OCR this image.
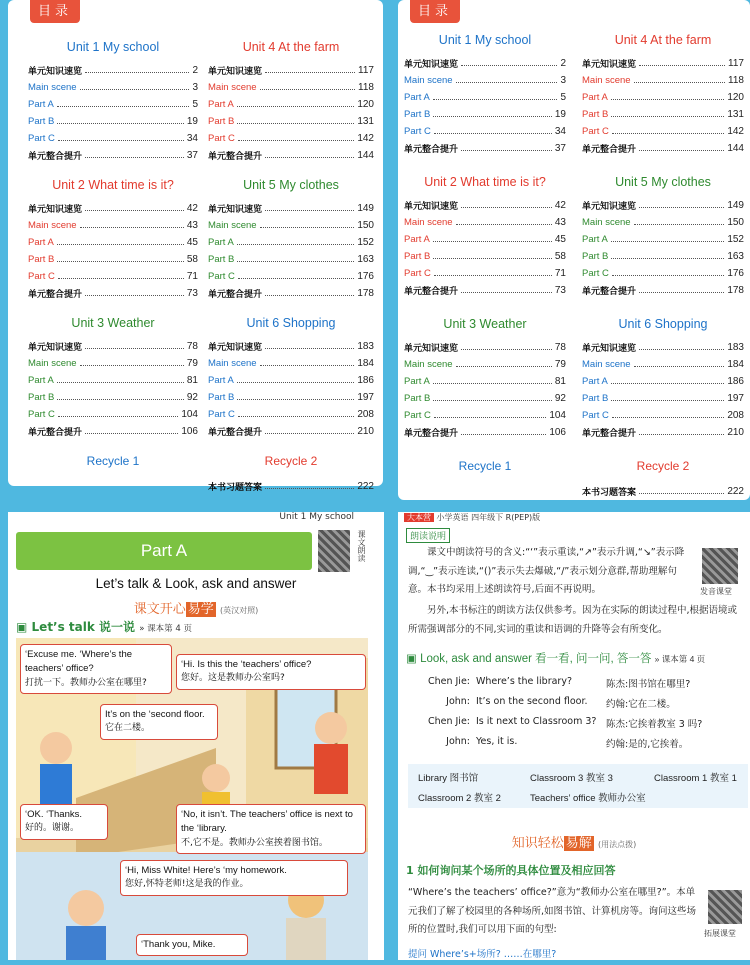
目录
Unit 1 My school
单元知识速览	2
Main scene	3
Part A	5
Part B	19
Part C	34
单元整合提升	37
Unit 2 What time is it?
单元知识速览	42
Main scene	43
Part A	45
Part B	58
Part C	71
单元整合提升	73
Unit 3 Weather
单元知识速览	78
Main scene	79
Part A	81
Part B	92
Part C	104
单元整合提升	106
Recycle 1
Unit 4 At the farm
单元知识速览	117
Main scene	118
Part A	120
Part B	131
Part C	142
单元整合提升	144
Unit 5 My clothes
单元知识速览	149
Main scene	150
Part A	152
Part B	163
Part C	176
单元整合提升	178
Unit 6 Shopping
单元知识速览	183
Main scene	184
Part A	186
Part B	197
Part C	208
单元整合提升	210
Recycle 2
本书习题答案	222
目录
Unit 1 My school
单元知识速览	2
Main scene	3
Part A	5
Part B	19
Part C	34
单元整合提升	37
Unit 2 What time is it?
单元知识速览	42
Main scene	43
Part A	45
Part B	58
Part C	71
单元整合提升	73
Unit 3 Weather
单元知识速览	78
Main scene	79
Part A	81
Part B	92
Part C	104
单元整合提升	106
Recycle 1
Unit 4 At the farm
单元知识速览	117
Main scene	118
Part A	120
Part B	131
Part C	142
单元整合提升	144
Unit 5 My clothes
单元知识速览	149
Main scene	150
Part A	152
Part B	163
Part C	176
单元整合提升	178
Unit 6 Shopping
单元知识速览	183
Main scene	184
Part A	186
Part B	197
Part C	208
单元整合提升	210
Recycle 2
本书习题答案	222
Unit 1 My school
Part A	课文朗读
Let’s talk & Look, ask and answer
课文开心 易学 (英汉对照)
▣ Let’s talk 说一说 » 课本第 4 页
‘Excuse me. ‘Where’s the teachers’ office?
打扰一下。教师办公室在哪里?
‘Hi. Is this the ‘teachers’ office?
您好。这是教师办公室吗?
It’s on the ‘second floor.
它在二楼。
‘OK. ‘Thanks.
好的。谢谢。
‘No, it isn’t. The teachers’ office is next to the ‘library.
不,它不是。教师办公室挨着图书馆。
‘Hi, Miss White! Here’s ‘my homework.
您好,怀特老师!这是我的作业。
‘Thank you, Mike.
大本营 小学英语 四年级下 R(PEP)版
朗读说明
课文中朗读符号的含义:“‘”表示重读,“↗”表示升调,“↘”表示降调,“‿”表示连读,“()”表示失去爆破,“/”表示划分意群,帮助理解句意。本书均采用上述朗读符号,后面不再说明。
另外,本书标注的朗读方法仅供参考。因为在实际的朗读过程中,根据语境或所需强调部分的不同,实词的重读和语调的升降等会有所变化。
发音课堂
▣ Look, ask and answer 看一看, 问一问, 答一答 » 课本第 4 页
Chen Jie: Where’s the library?	陈杰:图书馆在哪里?
John: It’s on the second floor. 约翰:它在二楼。
Chen Jie: Is it next to Classroom 3? 陈杰:它挨着教室 3 吗?
John: Yes, it is.	约翰:是的,它挨着。
Library 图书馆	Classroom 3 教室 3	Classroom 1 教室 1
Classroom 2 教室 2	Teachers’ office 教师办公室
知识轻松 易解 (用法点拨)
1 如何询问某个场所的具体位置及相应回答
“Where’s the teachers’ office?”意为“教师办公室在哪里?”。本单元我们了解了校园里的各种场所,如图书馆、计算机房等。询问这些场所的位置时,我们可以用下面的句型:	拓展课堂
提问 Where’s+场所? ……在哪里?
